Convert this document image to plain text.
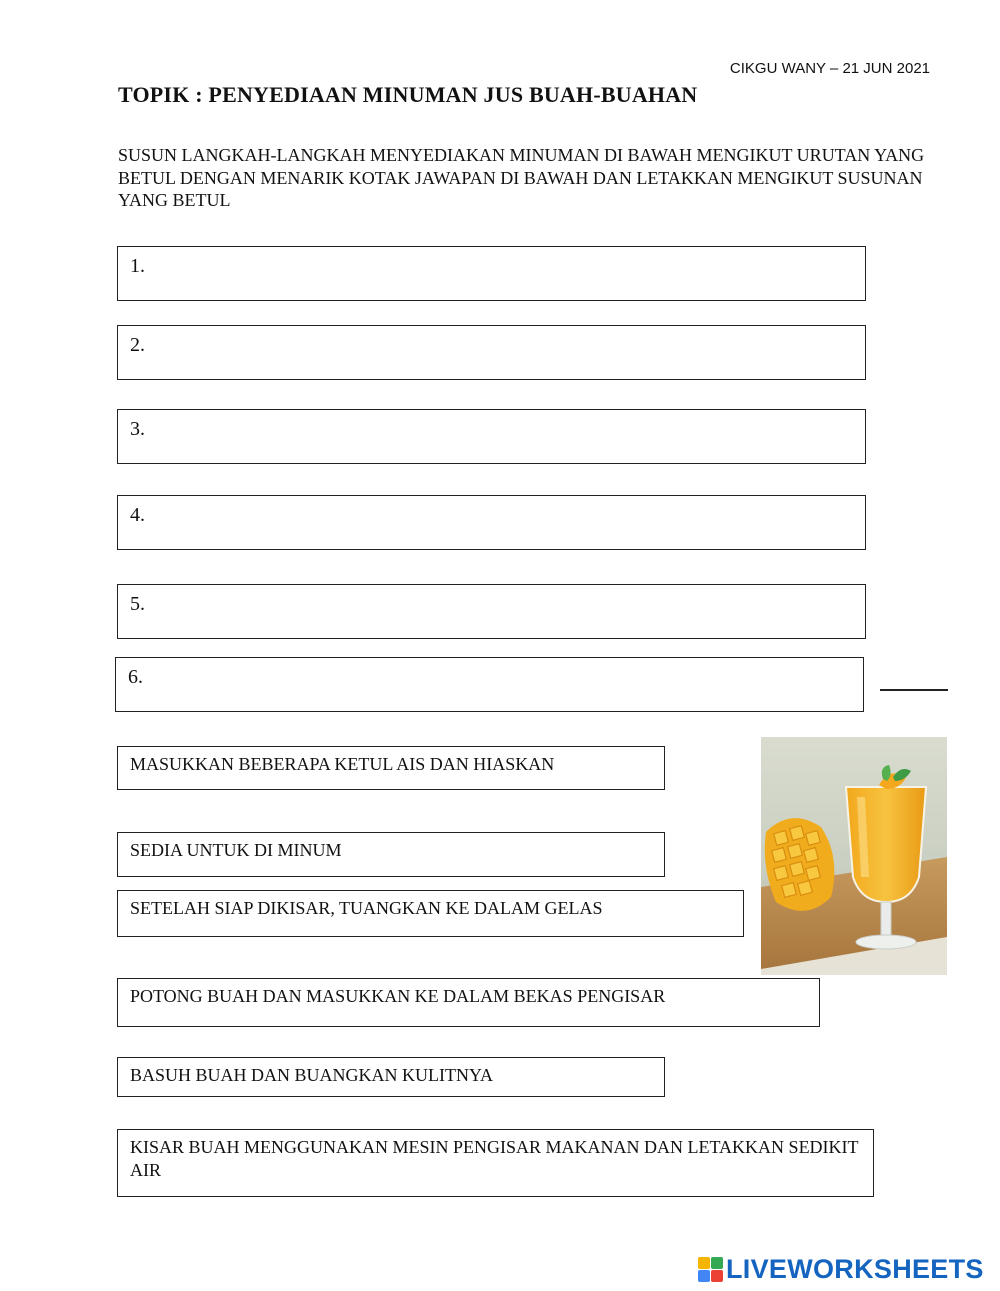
CIKGU WANY – 21 JUN 2021
TOPIK : PENYEDIAAN MINUMAN JUS BUAH-BUAHAN
SUSUN LANGKAH-LANGKAH MENYEDIAKAN MINUMAN DI BAWAH MENGIKUT URUTAN YANG BETUL DENGAN MENARIK KOTAK JAWAPAN DI BAWAH DAN LETAKKAN MENGIKUT SUSUNAN YANG BETUL
1.
2.
3.
4.
5.
6.
MASUKKAN BEBERAPA KETUL AIS DAN HIASKAN
SEDIA UNTUK DI MINUM
SETELAH SIAP DIKISAR, TUANGKAN KE DALAM GELAS
POTONG BUAH DAN MASUKKAN KE DALAM BEKAS PENGISAR
BASUH BUAH DAN BUANGKAN KULITNYA
KISAR BUAH MENGGUNAKAN MESIN PENGISAR MAKANAN DAN LETAKKAN SEDIKIT AIR
LIVEWORKSHEETS
